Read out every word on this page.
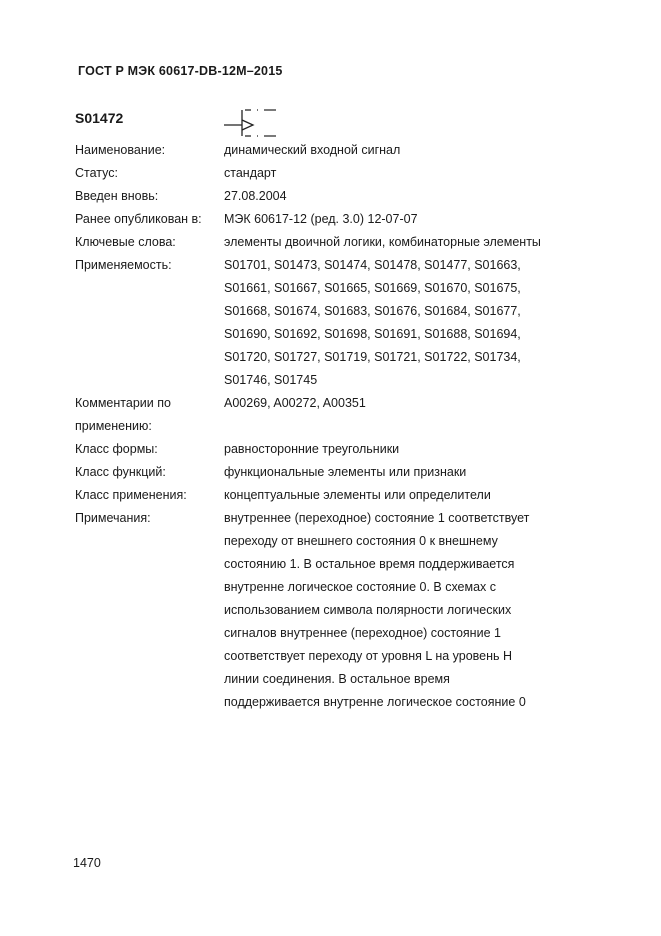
ГОСТ Р МЭК 60617-DB-12M–2015
S01472
Наименование:	динамический входной сигнал
Статус:	стандарт
Введен вновь:	27.08.2004
Ранее опубликован в:	МЭК 60617-12 (ред. 3.0) 12-07-07
Ключевые слова:	элементы двоичной логики, комбинаторные элементы
Применяемость:	S01701, S01473, S01474, S01478, S01477, S01663,
S01661, S01667, S01665, S01669, S01670, S01675,
S01668, S01674, S01683, S01676, S01684, S01677,
S01690, S01692, S01698, S01691, S01688, S01694,
S01720, S01727, S01719, S01721, S01722, S01734,
S01746, S01745
Комментарии по
применению:
A00269, A00272, A00351
Класс формы:	равносторонние треугольники
Класс функций:	функциональные элементы или признаки
Класс применения:	концептуальные элементы или определители
Примечания:	внутреннее (переходное) состояние 1 соответствует
переходу от внешнего состояния 0 к внешнему
состоянию 1. В остальное время поддерживается
внутренне логическое состояние 0. В схемах с
использованием символа полярности логических
сигналов внутреннее (переходное) состояние 1
соответствует переходу от уровня L на уровень H
линии соединения. В остальное время
поддерживается внутренне логическое состояние 0
1470
